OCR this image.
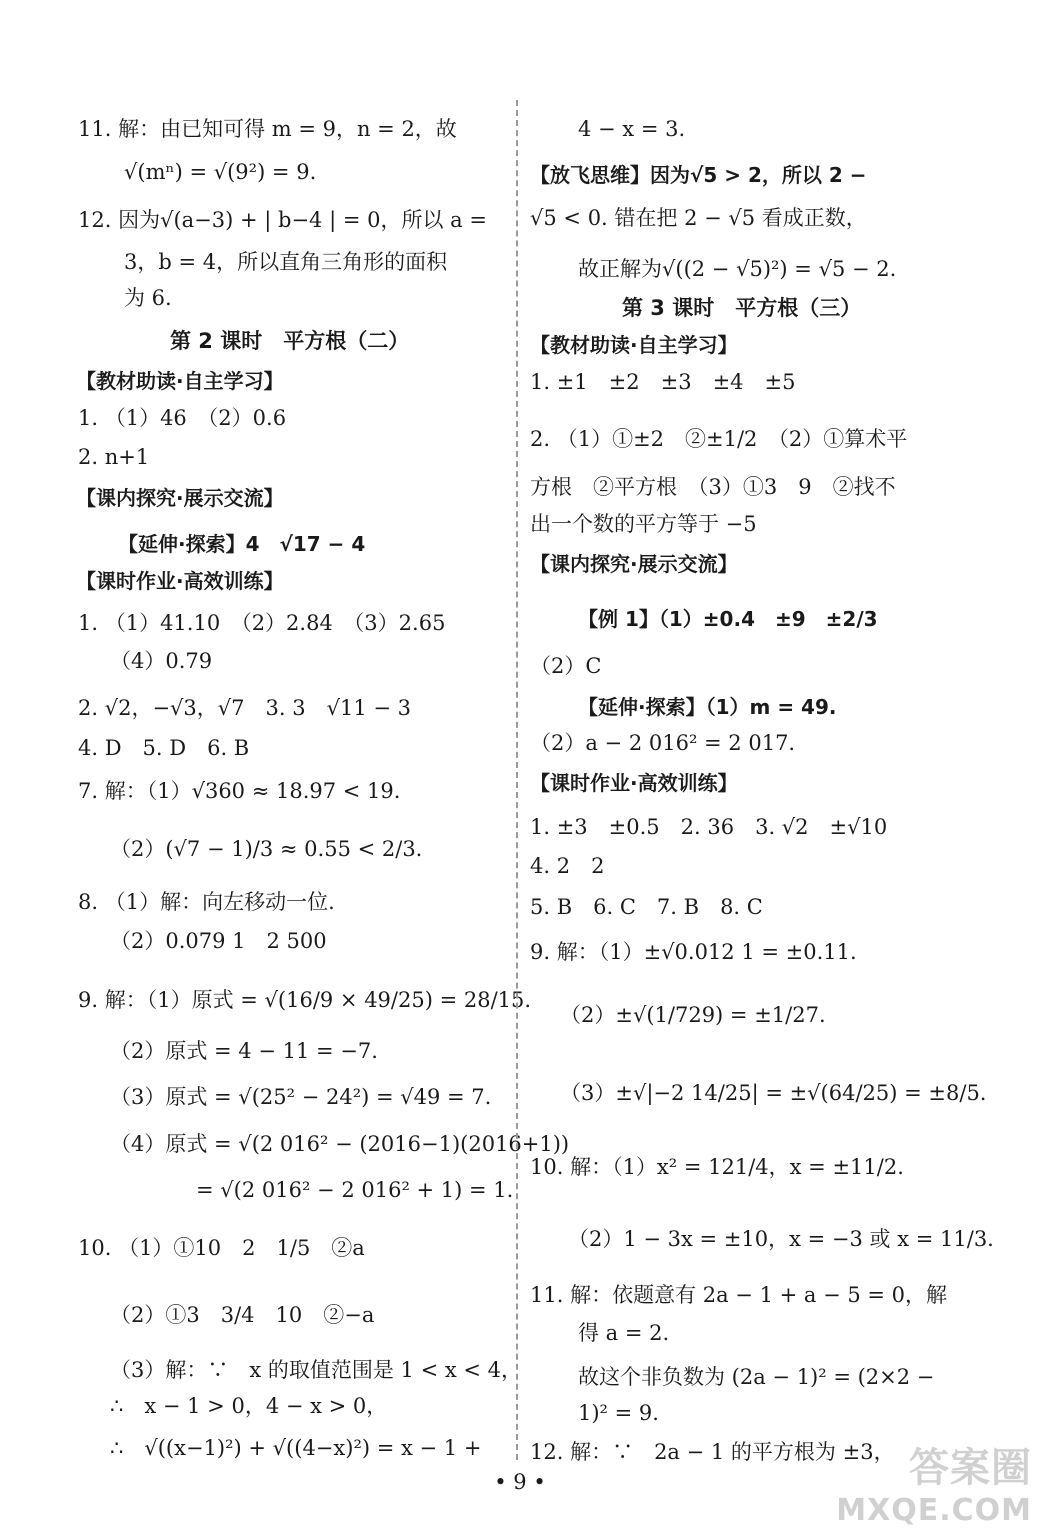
11. 解：由已知可得 m = 9，n = 2，故
√(mⁿ) = √(9²) = 9.
12. 因为√(a−3) + | b−4 | = 0，所以 a =
3，b = 4，所以直角三角形的面积
为 6.
第 2 课时　平方根（二）
【教材助读·自主学习】
1. （1）46　（2）0.6
2. n+1
【课内探究·展示交流】
【延伸·探索】4　√17 − 4
【课时作业·高效训练】
1. （1）41.10　（2）2.84　（3）2.65
（4）0.79
2. √2，−√3，√7　3. 3　√11 − 3
4. D　5. D　6. B
7. 解：（1）√360 ≈ 18.97 < 19.
（2）(√7 − 1)/3 ≈ 0.55 < 2/3.
8. （1）解：向左移动一位.
（2）0.079 1　2 500
9. 解：（1）原式 = √(16/9 × 49/25) = 28/15.
（2）原式 = 4 − 11 = −7.
（3）原式 = √(25² − 24²) = √49 = 7.
（4）原式 = √(2 016² − (2016−1)(2016+1))
= √(2 016² − 2 016² + 1) = 1.
10. （1）①10　2　1/5　②a
（2）①3　3/4　10　②−a
（3）解：∵　x 的取值范围是 1 < x < 4，
∴　x − 1 > 0，4 − x > 0，
∴　√((x−1)²) + √((4−x)²) = x − 1 +
4 − x = 3.
【放飞思维】因为√5 > 2，所以 2 −
√5 < 0. 错在把 2 − √5 看成正数，
故正解为√((2 − √5)²) = √5 − 2.
第 3 课时　平方根（三）
【教材助读·自主学习】
1. ±1　±2　±3　±4　±5
2. （1）①±2　②±1/2　（2）①算术平
方根　②平方根　（3）①3　9　②找不
出一个数的平方等于 −5
【课内探究·展示交流】
【例 1】（1）±0.4　±9　±2/3
（2）C
【延伸·探索】（1）m = 49.
（2）a − 2 016² = 2 017.
【课时作业·高效训练】
1. ±3　±0.5　2. 36　3. √2　±√10
4. 2　2
5. B　6. C　7. B　8. C
9. 解：（1）±√0.012 1 = ±0.11.
（2）±√(1/729) = ±1/27.
（3）±√|−2 14/25| = ±√(64/25) = ±8/5.
10. 解：（1）x² = 121/4，x = ±11/2.
（2）1 − 3x = ±10，x = −3 或 x = 11/3.
11. 解：依题意有 2a − 1 + a − 5 = 0，解
得 a = 2.
故这个非负数为 (2a − 1)² = (2×2 −
1)² = 9.
12. 解：∵　2a − 1 的平方根为 ±3，
• 9 •	答案圈
MXQE.COM
